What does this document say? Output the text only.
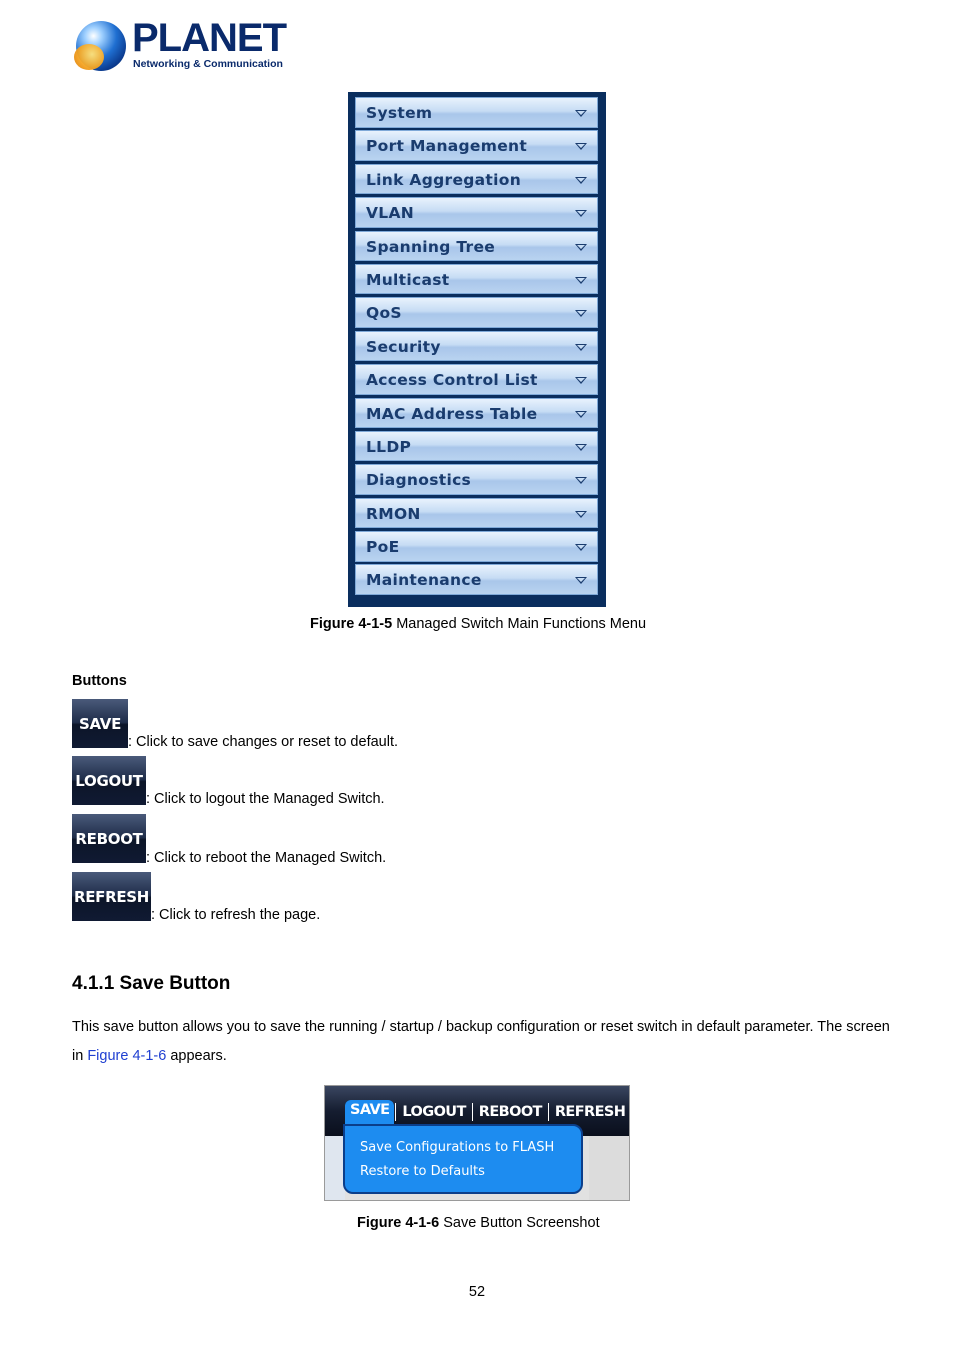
PLANET
Networking & Communication
System
Port Management
Link Aggregation
VLAN
Spanning Tree
Multicast
QoS
Security
Access Control List
MAC Address Table
LLDP
Diagnostics
RMON
PoE
Maintenance
Figure 4-1-5 Managed Switch Main Functions Menu
Buttons
SAVE
: Click to save changes or reset to default.
LOGOUT
: Click to logout the Managed Switch.
REBOOT
: Click to reboot the Managed Switch.
REFRESH
: Click to refresh the page.
4.1.1 Save Button
This save button allows you to save the running / startup / backup configuration or reset switch in default parameter. The screen
in Figure 4-1-6 appears.
SAVE LOGOUT REBOOT REFRESH
Save Configurations to FLASH
Restore to Defaults
Figure 4-1-6 Save Button Screenshot
52
